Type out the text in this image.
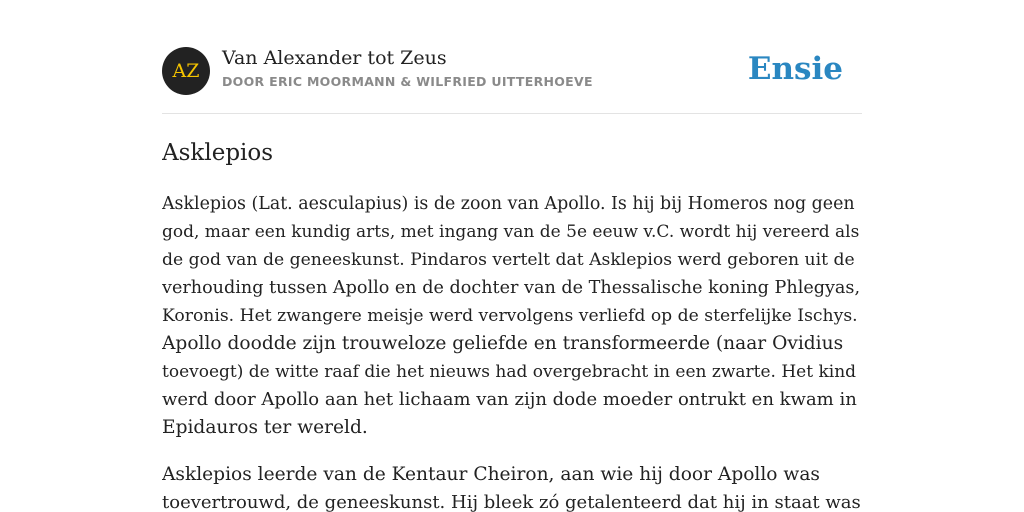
AZ
Van Alexander tot Zeus
DOOR ERIC MOORMANN & WILFRIED UITTERHOEVE	Ensie
Asklepios

Asklepios (Lat. aesculapius) is de zoon van Apollo. Is hij bij Homeros nog geen
god, maar een kundig arts, met ingang van de 5e eeuw v.C. wordt hij vereerd als
de god van de geneeskunst. Pindaros vertelt dat Asklepios werd geboren uit de
verhouding tussen Apollo en de dochter van de Thessalische koning Phlegyas,
Koronis. Het zwangere meisje werd vervolgens verliefd op de sterfelijke Ischys.
Apollo doodde zijn trouweloze geliefde en transformeerde (naar Ovidius
toevoegt) de witte raaf die het nieuws had overgebracht in een zwarte. Het kind
werd door Apollo aan het lichaam van zijn dode moeder ontrukt en kwam in
Epidauros ter wereld.

Asklepios leerde van de Kentaur Cheiron, aan wie hij door Apollo was
toevertrouwd, de geneeskunst. Hij bleek zó getalenteerd dat hij in staat was
